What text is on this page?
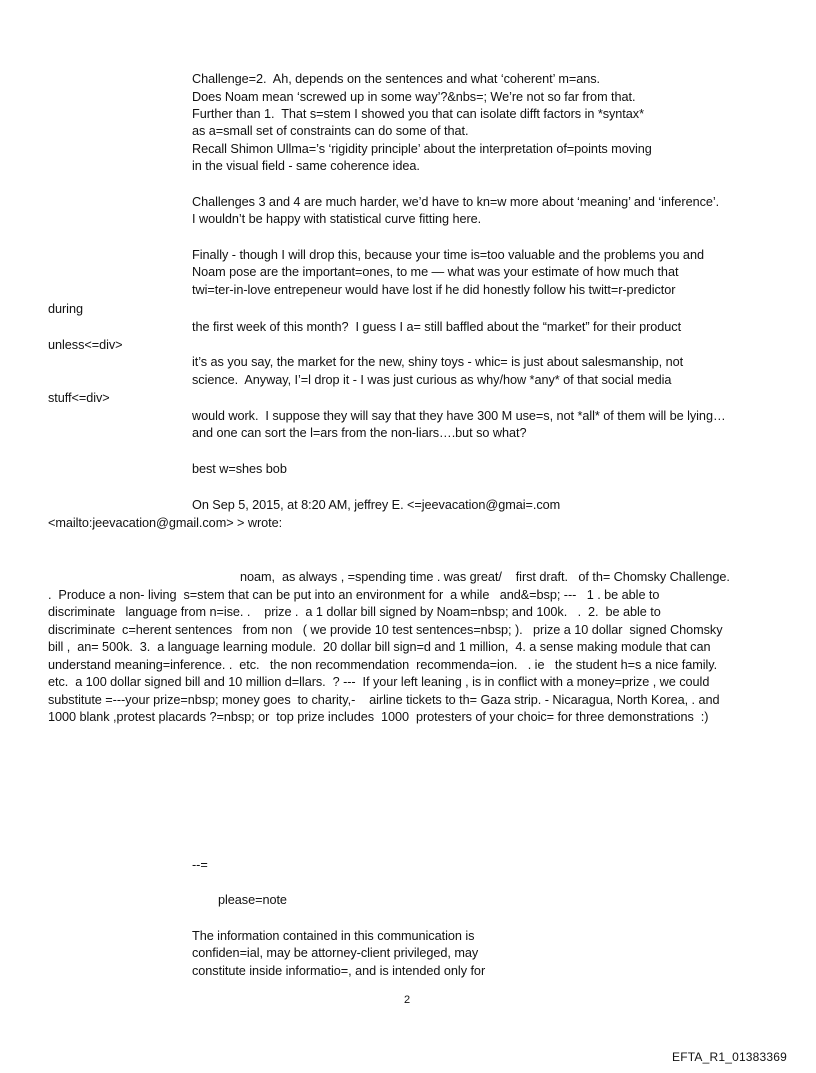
Challenge=2.  Ah, depends on the sentences and what ‘coherent’ m=ans.
Does Noam mean ‘screwed up in some way’?&nbs=; We’re not so far from that.
Further than 1.  That s=stem I showed you that can isolate difft factors in *syntax*
as a=small set of constraints can do some of that.
Recall Shimon Ullma=’s ‘rigidity principle’ about the interpretation of=points moving
in the visual field - same coherence idea.
Challenges 3 and 4 are much harder, we’d have to kn=w more about ‘meaning’ and ‘inference’.
I wouldn’t be happy with statistical curve fitting here.
Finally - though I will drop this, because your time is=too valuable and the problems you and
Noam pose are the important=ones, to me — what was your estimate of how much that
twi=ter-in-love entrepeneur would have lost if he did honestly follow his twitt=r-predictor
during
the first week of this month?  I guess I a= still baffled about the “market” for their product
unless<=div>
it’s as you say, the market for the new, shiny toys - whic= is just about salesmanship, not
science.  Anyway, I’=l drop it - I was just curious as why/how *any* of that social media
stuff<=div>
would work.  I suppose they will say that they have 300 M use=s, not *all* of them will be lying…
and one can sort the l=ars from the non-liars….but so what?
best w=shes bob
On Sep 5, 2015, at 8:20 AM, jeffrey E. <=jeevacation@gmai=.com
<mailto:jeevacation@gmail.com> > wrote:
noam,  as always , =spending time . was great/    first draft.   of th= Chomsky Challenge.
.  Produce a non- living  s=stem that can be put into an environment for  a while   and&=bsp; ---   1 . be able to
discriminate   language from n=ise. .    prize .  a 1 dollar bill signed by Noam=nbsp; and 100k.   .  2.  be able to
discriminate  c=herent sentences   from non   ( we provide 10 test sentences=nbsp; ).   prize a 10 dollar  signed Chomsky
bill ,  an= 500k.  3.  a language learning module.  20 dollar bill sign=d and 1 million,  4. a sense making module that can
understand meaning=inference. .  etc.   the non recommendation  recommenda=ion.   . ie   the student h=s a nice family.
etc.  a 100 dollar signed bill and 10 million d=llars.  ? ---  If your left leaning , is in conflict with a money=prize , we could
substitute =---your prize=nbsp; money goes  to charity,-    airline tickets to th= Gaza strip. - Nicaragua, North Korea, . and
1000 blank ,protest placards ?=nbsp; or  top prize includes  1000  protesters of your choic= for three demonstrations  :)
--=
please=note
The information contained in this communication is
confiden=ial, may be attorney-client privileged, may
constitute inside informatio=, and is intended only for
2
EFTA_R1_01383369
